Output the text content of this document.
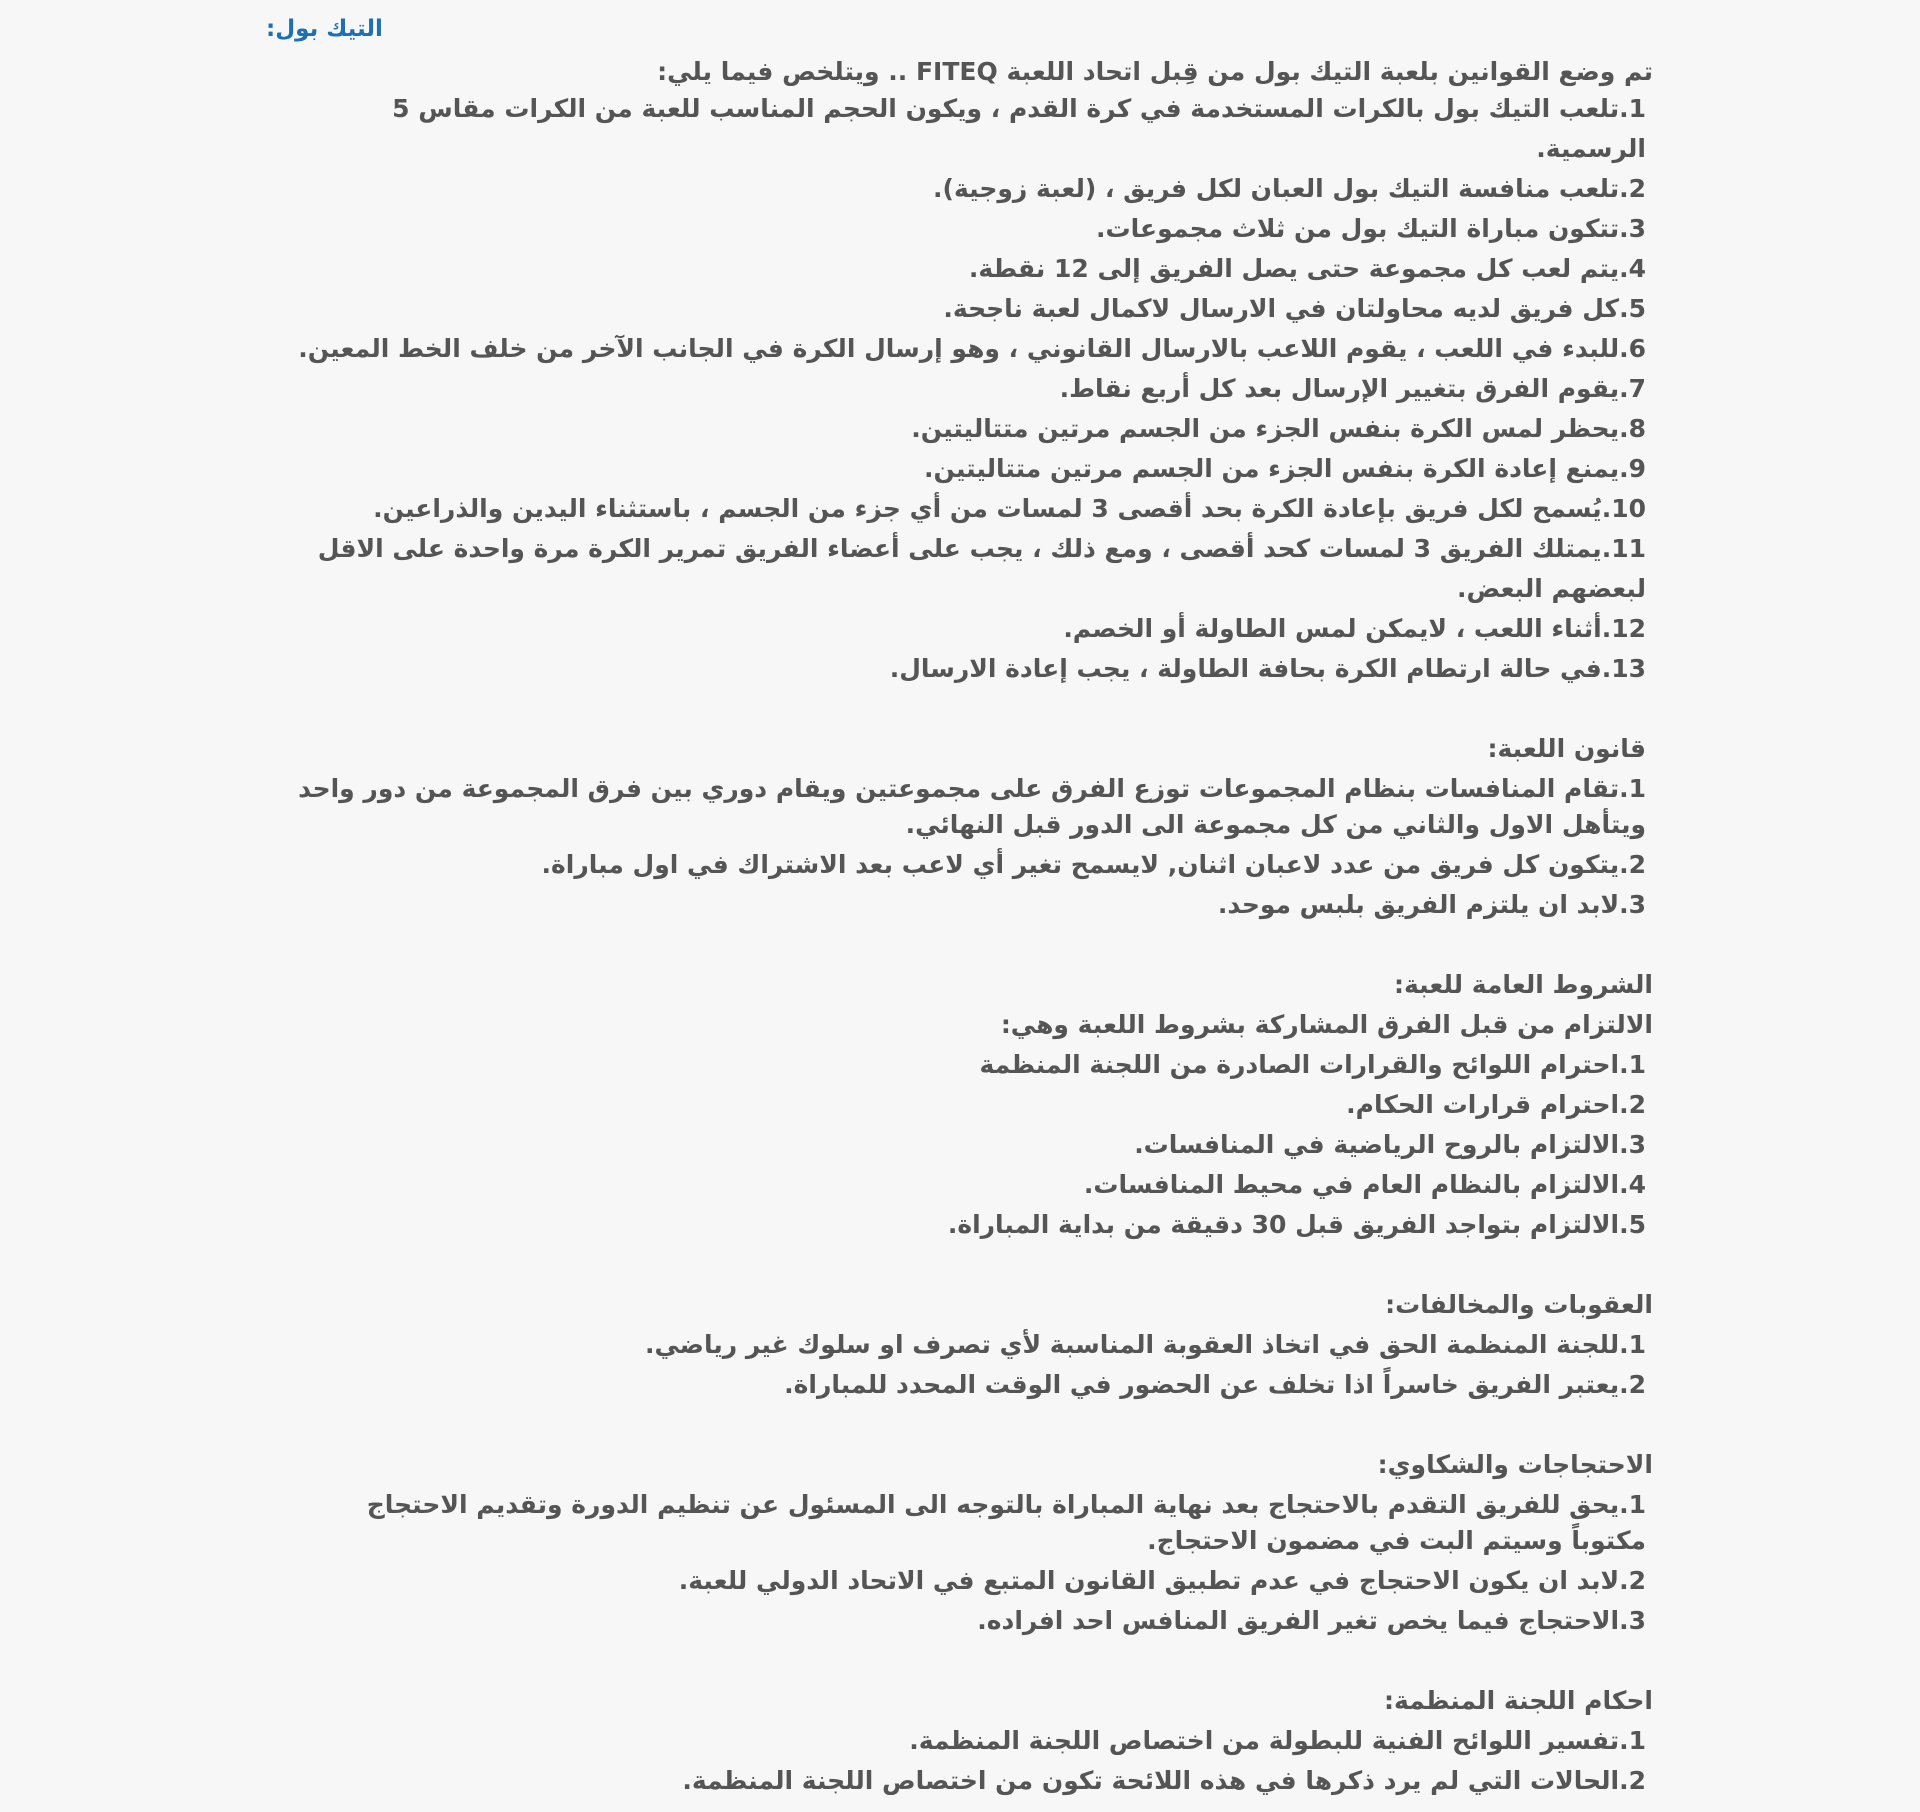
التيك بول:

تم وضع القوانين بلعبة التيك بول من قِبل اتحاد اللعبة FITEQ .. ويتلخص فيما يلي:

1.تلعب التيك بول بالكرات المستخدمة في كرة القدم ، ويكون الحجم المناسب للعبة من الكرات مقاس 5 الرسمية.

2.تلعب منافسة التيك بول العبان لكل فريق ، (لعبة زوجية).

3.تتكون مباراة التيك بول من ثلاث مجموعات.

4.يتم لعب كل مجموعة حتى يصل الفريق إلى 12 نقطة.

5.كل فريق لديه محاولتان في الارسال لاكمال لعبة ناجحة.

6.للبدء في اللعب ، يقوم اللاعب بالارسال القانوني ، وهو إرسال الكرة في الجانب الآخر من خلف الخط المعين.

7.يقوم الفرق بتغيير الإرسال بعد كل أربع نقاط.

8.يحظر لمس الكرة بنفس الجزء من الجسم مرتين متتاليتين.

9.يمنع إعادة الكرة بنفس الجزء من الجسم مرتين متتاليتين.

10.يُسمح لكل فريق بإعادة الكرة بحد أقصى 3 لمسات من أي جزء من الجسم ، باستثناء اليدين والذراعين.

11.يمتلك الفريق 3 لمسات كحد أقصى ، ومع ذلك ، يجب على أعضاء الفريق تمرير الكرة مرة واحدة على الاقل لبعضهم البعض.

12.أثناء اللعب ، لايمكن لمس الطاولة أو الخصم.

13.في حالة ارتطام الكرة بحافة الطاولة ، يجب إعادة الارسال.

قانون اللعبة:

1.تقام المنافسات بنظام المجموعات توزع الفرق على مجموعتين ويقام دوري بين فرق المجموعة من دور واحد ويتأهل الاول والثاني من كل مجموعة الى الدور قبل النهائي.

2.يتكون كل فريق من عدد لاعبان اثنان, لايسمح تغير أي لاعب بعد الاشتراك في اول مباراة.

3.لابد ان يلتزم الفريق بلبس موحد.

الشروط العامة للعبة:

الالتزام من قبل الفرق المشاركة بشروط اللعبة وهي:

1.احترام اللوائح والقرارات الصادرة من اللجنة المنظمة

2.احترام قرارات الحكام.

3.الالتزام بالروح الرياضية في المنافسات.

4.الالتزام بالنظام العام في محيط المنافسات.

5.الالتزام بتواجد الفريق قبل 30 دقيقة من بداية المباراة.

العقوبات والمخالفات:

1.للجنة المنظمة الحق في اتخاذ العقوبة المناسبة لأي تصرف او سلوك غير رياضي.

2.يعتبر الفريق خاسراً اذا تخلف عن الحضور في الوقت المحدد للمباراة.

الاحتجاجات والشكاوي:

1.يحق للفريق التقدم بالاحتجاج بعد نهاية المباراة بالتوجه الى المسئول عن تنظيم الدورة وتقديم الاحتجاج مكتوباً وسيتم البت في مضمون الاحتجاج.

2.لابد ان يكون الاحتجاج في عدم تطبيق القانون المتبع في الاتحاد الدولي للعبة.

3.الاحتجاج فيما يخص تغير الفريق المنافس احد افراده.

احكام اللجنة المنظمة:

1.تفسير اللوائح الفنية للبطولة من اختصاص اللجنة المنظمة.

2.الحالات التي لم يرد ذكرها في هذه اللائحة تكون من اختصاص اللجنة المنظمة.
